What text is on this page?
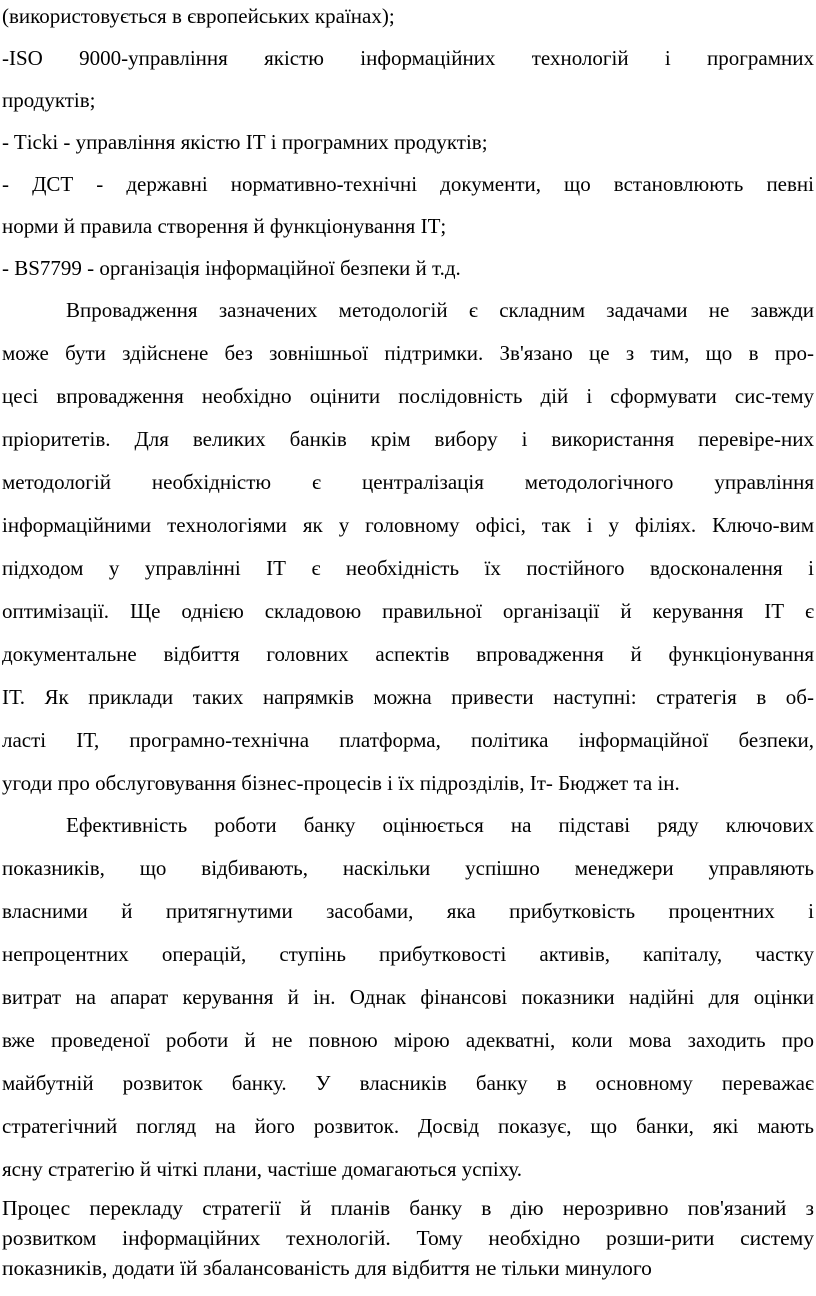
(використовується в європейських країнах);
-ISO 9000-управління якістю інформаційних технологій і програмних
продуктів;
- Tісkі - управління якістю ІТ і програмних продуктів;
- ДСТ - державні нормативно-технічні документи, що встановлюють певні
норми й правила створення й функціонування ІТ;
- BS7799 - організація інформаційної безпеки й т.д.
Впровадження зазначених методологій є складним задачами не завжди
може бути здійснене без зовнішньої підтримки. Зв'язано це з тим, що в про-
цесі впровадження необхідно оцінити послідовність дій і сформувати сис-тему
пріоритетів. Для великих банків крім вибору і використання перевіре-них
методологій необхідністю є централізація методологічного управління
інформаційними технологіями як у головному офісі, так і у філіях. Ключо-вим
підходом у управлінні ІТ є необхідність їх постійного вдосконалення і
оптимізації. Ще однією складовою правильної організації й керування ІТ є
документальне відбиття головних аспектів впровадження й функціонування
ІТ. Як приклади таких напрямків можна привести наступні: стратегія в об-
ласті ІТ, програмно-технічна платформа, політика інформаційної безпеки,
угоди про обслуговування бізнес-процесів і їх підрозділів, Іт- Бюджет та ін.
Ефективність роботи банку оцінюється на підставі ряду ключових
показників, що відбивають, наскільки успішно менеджери управляють
власними й притягнутими засобами, яка прибутковість процентних і
непроцентних операцій, ступінь прибутковості активів, капіталу, частку
витрат на апарат керування й ін. Однак фінансові показники надійні для оцінки
вже проведеної роботи й не повною мірою адекватні, коли мова заходить про
майбутній розвиток банку. У власників банку в основному переважає
стратегічний погляд на його розвиток. Досвід показує, що банки, які мають
ясну стратегію й чіткі плани, частіше домагаються успіху.
Процес перекладу стратегії й планів банку в дію нерозривно пов'язаний з
розвитком інформаційних технологій. Тому необхідно розши-рити систему
показників, додати їй збалансованість для відбиття не тільки минулого
